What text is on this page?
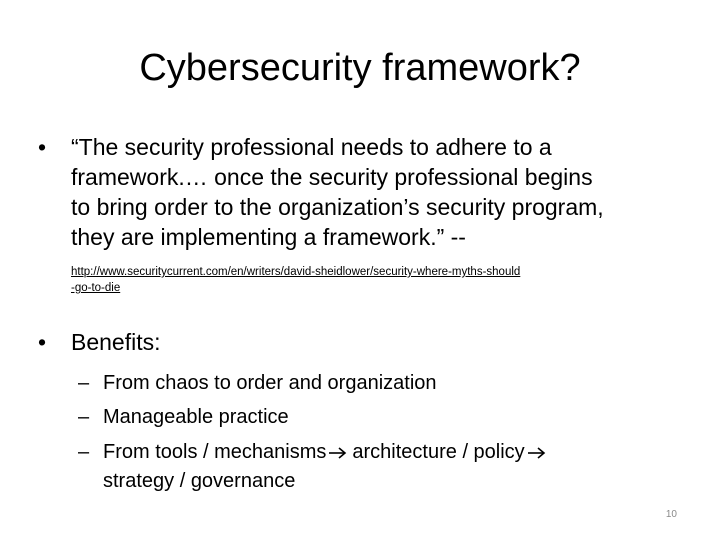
Cybersecurity framework?
• “The security professional needs to adhere to a
framework.… once the security professional begins
to bring order to the organization’s security program,
they are implementing a framework.” --
http://www.securitycurrent.com/en/writers/david-sheidlower/security-where-myths-should
-go-to-die
• Benefits:
– From chaos to order and organization
– Manageable practice
– From tools / mechanisms architecture / policy
strategy / governance
10
